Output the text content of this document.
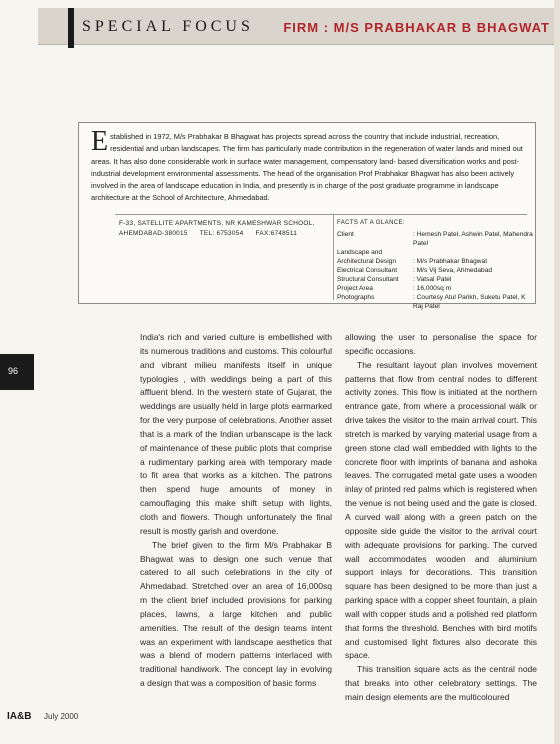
SPECIAL FOCUS FIRM : M/S PRABHAKAR B BHAGWAT
Established in 1972, M/s Prabhakar B Bhagwat has projects spread across the country that include industrial, recreation, residential and urban landscapes. The firm has particularly made contribution in the regeneration of water lands and mined out areas. It has also done considerable work in surface water management, compensatory land- based diversification works and post-industrial development environmental assessments. The head of the organisation Prof Prabhakar Bhagwat has also been actively involved in the area of landscape education in India, and presently is in charge of the post graduate programme in landscape architecture at the School of Architecture, Ahmedabad.
F-33, SATELLITE APARTMENTS, NR KAMESHWAR SCHOOL,
AHEMDABAD-380015 TEL: 6753054 FAX:6748511
FACTS AT A GLANCE:
Client	: Hemesh Patel, Ashwin Patel, Mahendra Patel
Landscape and
Architectural Design	: M/s Prabhakar Bhagwat
Electrical Consultant	: M/s Vij Seva, Ahmedabad
Structural Consultant	: Vatsal Patel
Project Area	: 16,000sq m
Photographs	: Courtesy Atul Parikh, Suketu Patel, K Raj Patel
96

India's rich and varied culture is embellished with its numerous traditions and customs. This colourful and vibrant milieu manifests itself in unique typologies , with weddings being a part of this affluent blend. In the western state of Gujarat, the weddings are usually held in large plots earmarked for the very purpose of celebrations. Another asset that is a mark of the Indian urbanscape is the lack of maintenance of these public plots that comprise a rudimentary parking area with temporary made to fit area that works as a kitchen. The patrons then spend huge amounts of money in camouflaging this make shift setup with lights, cloth and flowers. Though unfortunately the final result is mostly garish and overdone.

The brief given to the firm M/s Prabhakar B Bhagwat was to design one such venue that catered to all such celebrations in the city of Ahmedabad. Stretched over an area of 16,000sq m the client brief included provisions for parking places, lawns, a large kitchen and public amenities. The result of the design teams intent was an experiment with landscape aesthetics that was a blend of modern patterns interlaced with traditional handiwork. The concept lay in evolving a design that was a composition of basic forms

allowing the user to personalise the space for specific occasions.

The resultant layout plan involves movement patterns that flow from central nodes to different activity zones. This flow is initiated at the northern entrance gate, from where a processional walk or drive takes the visitor to the main arrival court. This stretch is marked by varying material usage from a green stone clad wall embedded with lights to the concrete floor with imprints of banana and ashoka leaves. The corrugated metal gate uses a wooden inlay of printed red palms which is registered when the venue is not being used and the gate is closed. A curved wall along with a green patch on the opposite side guide the visitor to the arrival court with adequate provisions for parking. The curved wall accommodates wooden and aluminium support inlays for decorations. This transition square has been designed to be more than just a parking space with a copper sheet fountain, a plain wall with copper studs and a polished red platform that forms the threshold. Benches with bird motifs and customised light fixtures also decorate this space.

This transition square acts as the central node that breaks into other celebratory settings. The main design elements are the multicoloured

IA&B July 2000
